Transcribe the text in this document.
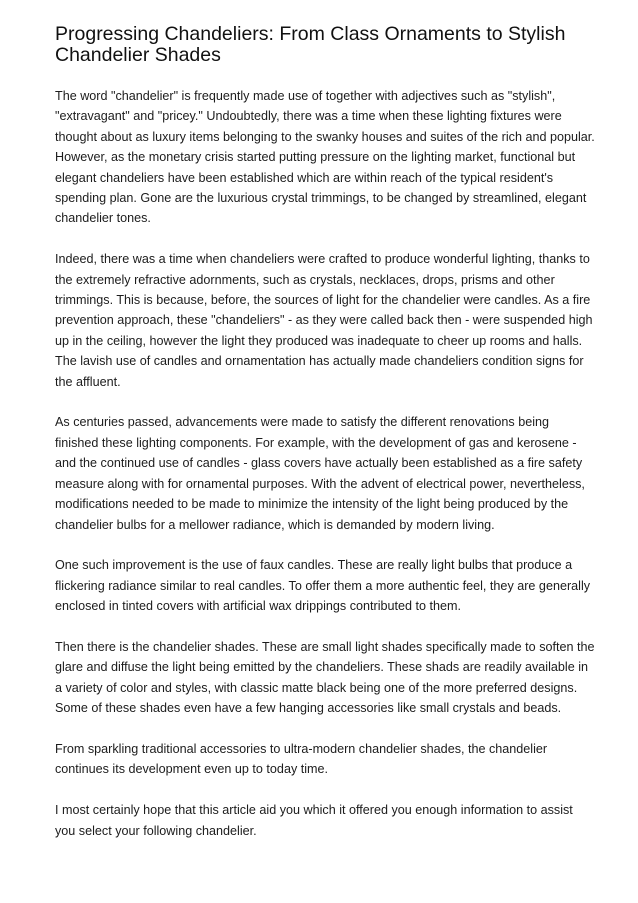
Progressing Chandeliers: From Class Ornaments to Stylish Chandelier Shades

The word "chandelier" is frequently made use of together with adjectives such as "stylish", "extravagant" and "pricey." Undoubtedly, there was a time when these lighting fixtures were thought about as luxury items belonging to the swanky houses and suites of the rich and popular. However, as the monetary crisis started putting pressure on the lighting market, functional but elegant chandeliers have been established which are within reach of the typical resident's spending plan. Gone are the luxurious crystal trimmings, to be changed by streamlined, elegant chandelier tones.

Indeed, there was a time when chandeliers were crafted to produce wonderful lighting, thanks to the extremely refractive adornments, such as crystals, necklaces, drops, prisms and other trimmings. This is because, before, the sources of light for the chandelier were candles. As a fire prevention approach, these "chandeliers" - as they were called back then - were suspended high up in the ceiling, however the light they produced was inadequate to cheer up rooms and halls. The lavish use of candles and ornamentation has actually made chandeliers condition signs for the affluent.

As centuries passed, advancements were made to satisfy the different renovations being finished these lighting components. For example, with the development of gas and kerosene - and the continued use of candles - glass covers have actually been established as a fire safety measure along with for ornamental purposes. With the advent of electrical power, nevertheless, modifications needed to be made to minimize the intensity of the light being produced by the chandelier bulbs for a mellower radiance, which is demanded by modern living.

One such improvement is the use of faux candles. These are really light bulbs that produce a flickering radiance similar to real candles. To offer them a more authentic feel, they are generally enclosed in tinted covers with artificial wax drippings contributed to them.

Then there is the chandelier shades. These are small light shades specifically made to soften the glare and diffuse the light being emitted by the chandeliers. These shads are readily available in a variety of color and styles, with classic matte black being one of the more preferred designs. Some of these shades even have a few hanging accessories like small crystals and beads.

From sparkling traditional accessories to ultra-modern chandelier shades, the chandelier continues its development even up to today time.

I most certainly hope that this article aid you which it offered you enough information to assist you select your following chandelier.
